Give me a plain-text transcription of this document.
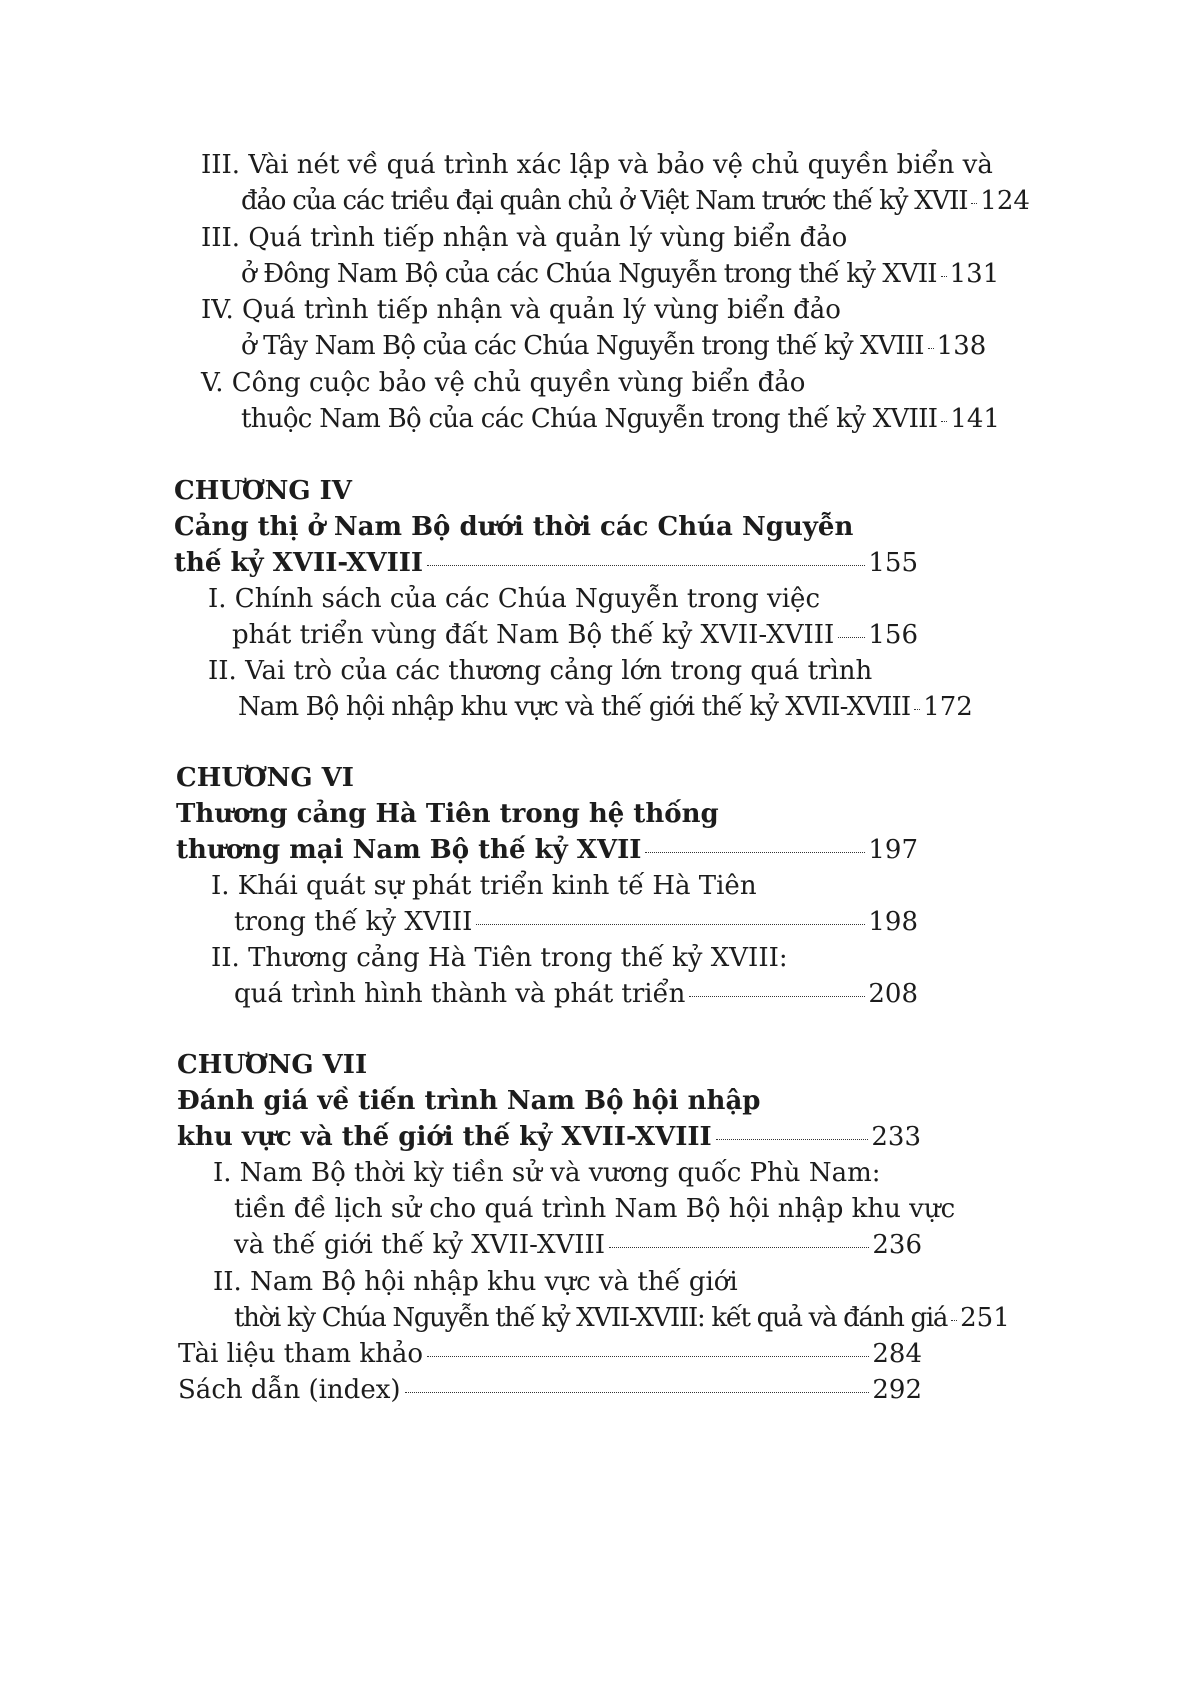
III. Vài nét về quá trình xác lập và bảo vệ chủ quyền biển và
đảo của các triều đại quân chủ ở Việt Nam trước thế kỷ XVII 124
III. Quá trình tiếp nhận và quản lý vùng biển đảo
ở Đông Nam Bộ của các Chúa Nguyễn trong thế kỷ XVII 131
IV. Quá trình tiếp nhận và quản lý vùng biển đảo
ở Tây Nam Bộ của các Chúa Nguyễn trong thế kỷ XVIII 138
V. Công cuộc bảo vệ chủ quyền vùng biển đảo
thuộc Nam Bộ của các Chúa Nguyễn trong thế kỷ XVIII 141
CHƯƠNG IV
Cảng thị ở Nam Bộ dưới thời các Chúa Nguyễn
thế kỷ XVII-XVIII	155
I. Chính sách của các Chúa Nguyễn trong việc
phát triển vùng đất Nam Bộ thế kỷ XVII-XVIII 156
II. Vai trò của các thương cảng lớn trong quá trình
Nam Bộ hội nhập khu vực và thế giới thế kỷ XVII-XVIII 172
CHƯƠNG VI
Thương cảng Hà Tiên trong hệ thống
thương mại Nam Bộ thế kỷ XVII	197
I. Khái quát sự phát triển kinh tế Hà Tiên
trong thế kỷ XVIII	198
II. Thương cảng Hà Tiên trong thế kỷ XVIII:
quá trình hình thành và phát triển	208
CHƯƠNG VII
Đánh giá về tiến trình Nam Bộ hội nhập
khu vực và thế giới thế kỷ XVII-XVIII	233
I. Nam Bộ thời kỳ tiền sử và vương quốc Phù Nam:
tiền đề lịch sử cho quá trình Nam Bộ hội nhập khu vực
và thế giới thế kỷ XVII-XVIII	236
II. Nam Bộ hội nhập khu vực và thế giới
thời kỳ Chúa Nguyễn thế kỷ XVII-XVIII: kết quả và đánh giá 251
Tài liệu tham khảo	284
Sách dẫn (index)	292
